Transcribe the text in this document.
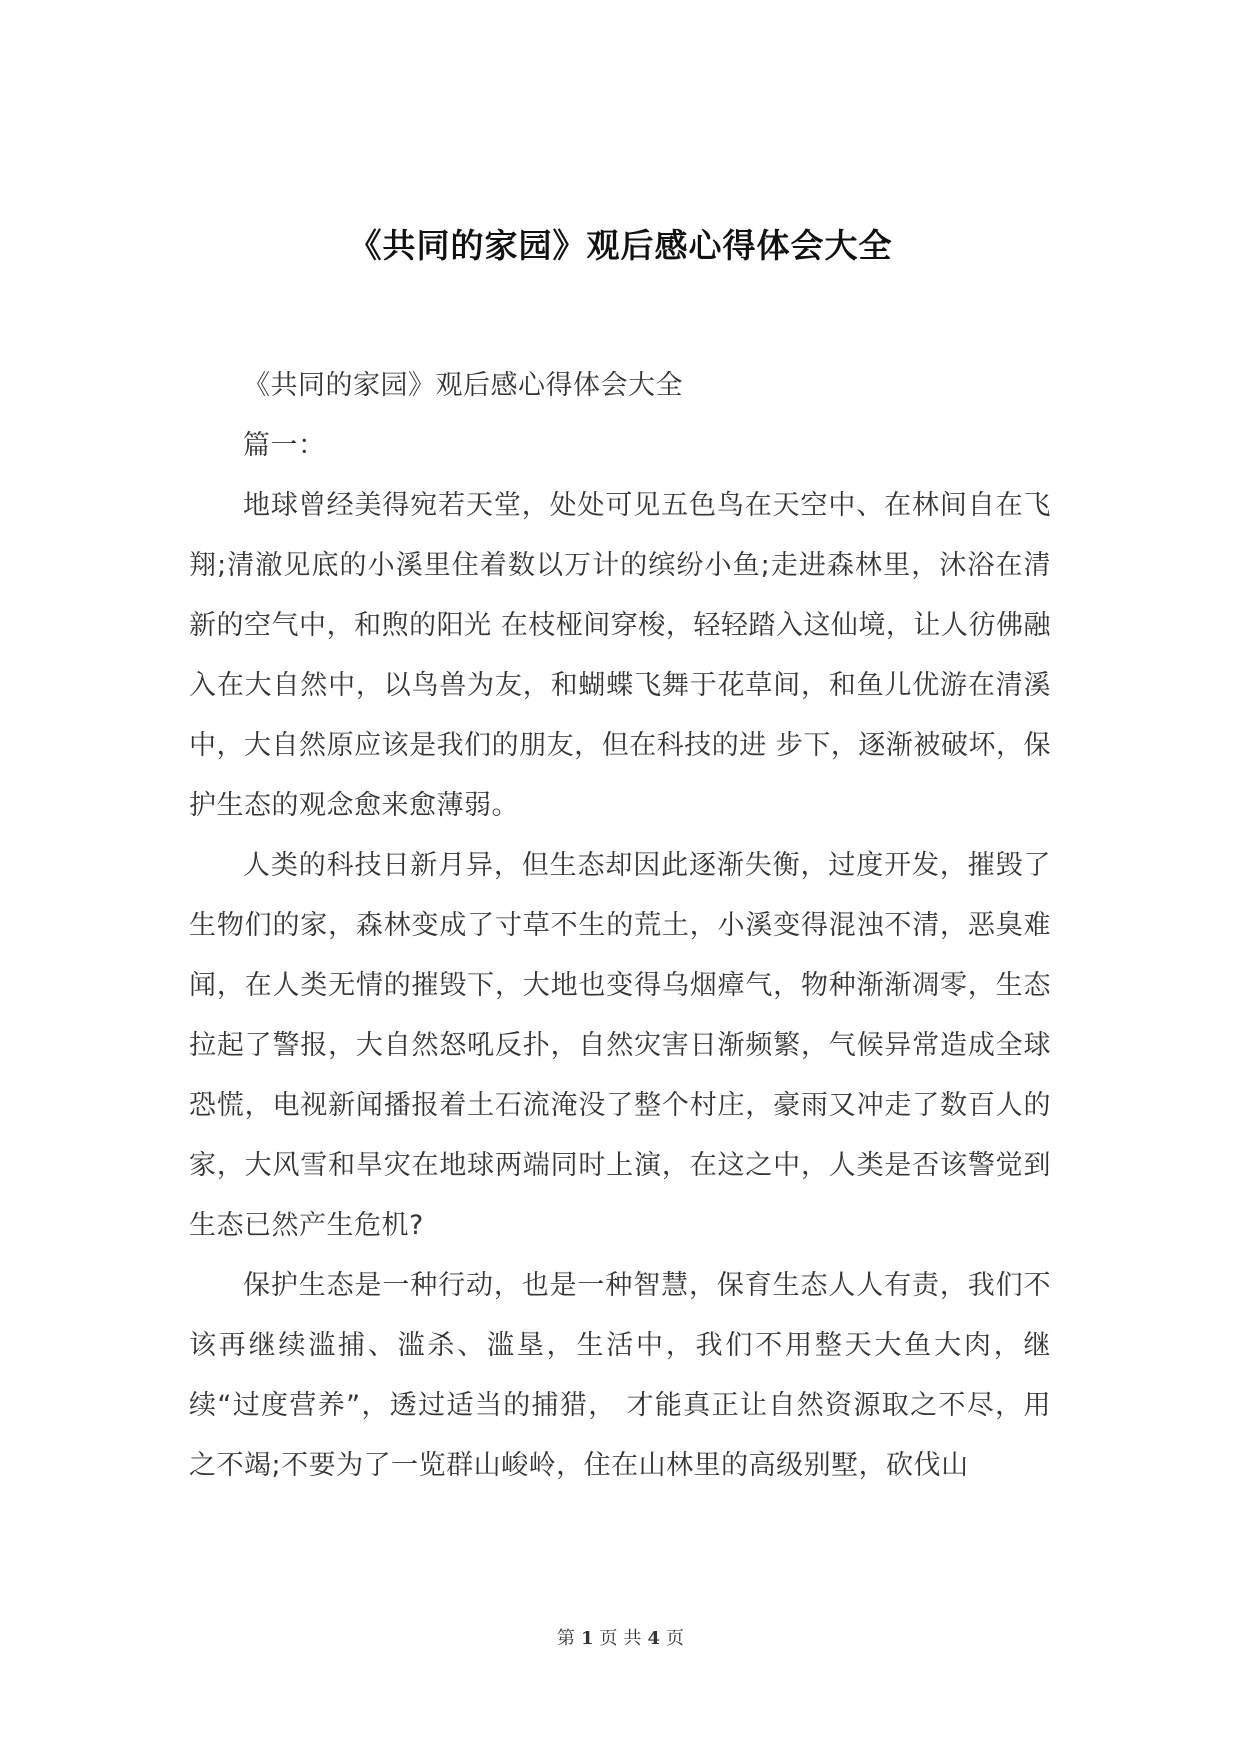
《共同的家园》观后感心得体会大全

《共同的家园》观后感心得体会大全

篇一：

地球曾经美得宛若天堂，处处可见五色鸟在天空中、在林间自在飞翔;清澈见底的小溪里住着数以万计的缤纷小鱼;走进森林里，沐浴在清新的空气中，和煦的阳光 在枝桠间穿梭，轻轻踏入这仙境，让人彷佛融入在大自然中，以鸟兽为友，和蝴蝶飞舞于花草间，和鱼儿优游在清溪中，大自然原应该是我们的朋友，但在科技的进 步下，逐渐被破坏，保护生态的观念愈来愈薄弱。

人类的科技日新月异，但生态却因此逐渐失衡，过度开发，摧毁了生物们的家，森林变成了寸草不生的荒土，小溪变得混浊不清，恶臭难闻，在人类无情的摧毁下，大地也变得乌烟瘴气，物种渐渐凋零，生态拉起了警报，大自然怒吼反扑，自然灾害日渐频繁，气候异常造成全球恐慌，电视新闻播报着土石流淹没了整个村庄，豪雨又冲走了数百人的家，大风雪和旱灾在地球两端同时上演，在这之中，人类是否该警觉到生态已然产生危机?

保护生态是一种行动，也是一种智慧，保育生态人人有责，我们不该再继续滥捕、滥杀、滥垦，生活中，我们不用整天大鱼大肉，继续“过度营养”，透过适当的捕猎， 才能真正让自然资源取之不尽，用之不竭;不要为了一览群山峻岭，住在山林里的高级别墅，砍伐山

第 1 页 共 4 页
